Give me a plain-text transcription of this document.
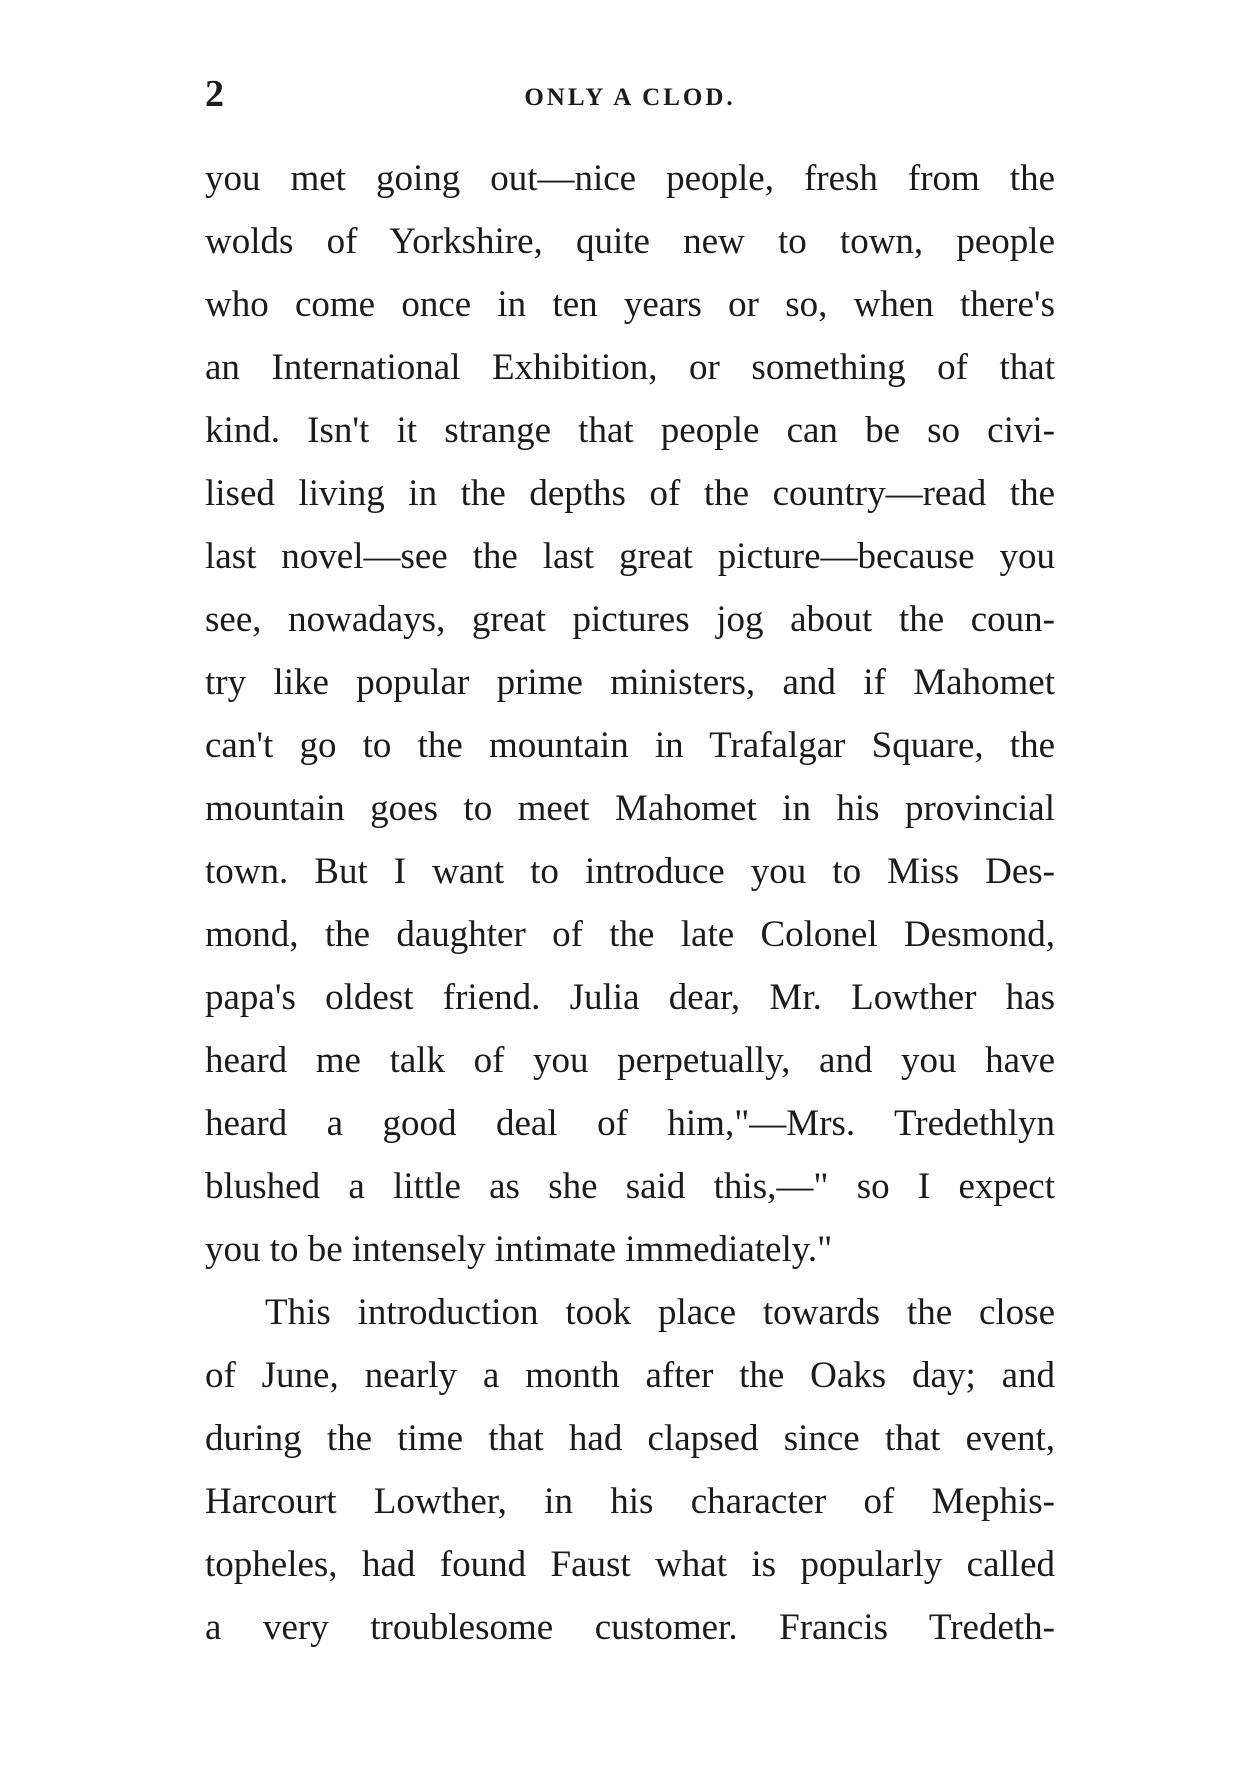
2	ONLY A CLOD.
you met going out—nice people, fresh from the
wolds of Yorkshire, quite new to town, people
who come once in ten years or so, when there's
an International Exhibition, or something of that
kind. Isn't it strange that people can be so civi-
lised living in the depths of the country—read the
last novel—see the last great picture—because you
see, nowadays, great pictures jog about the coun-
try like popular prime ministers, and if Mahomet
can't go to the mountain in Trafalgar Square, the
mountain goes to meet Mahomet in his provincial
town. But I want to introduce you to Miss Des-
mond, the daughter of the late Colonel Desmond,
papa's oldest friend. Julia dear, Mr. Lowther has
heard me talk of you perpetually, and you have
heard a good deal of him,"—Mrs. Tredethlyn
blushed a little as she said this,—" so I expect
you to be intensely intimate immediately."
This introduction took place towards the close
of June, nearly a month after the Oaks day; and
during the time that had clapsed since that event,
Harcourt Lowther, in his character of Mephis-
topheles, had found Faust what is popularly called
a very troublesome customer. Francis Tredeth-
